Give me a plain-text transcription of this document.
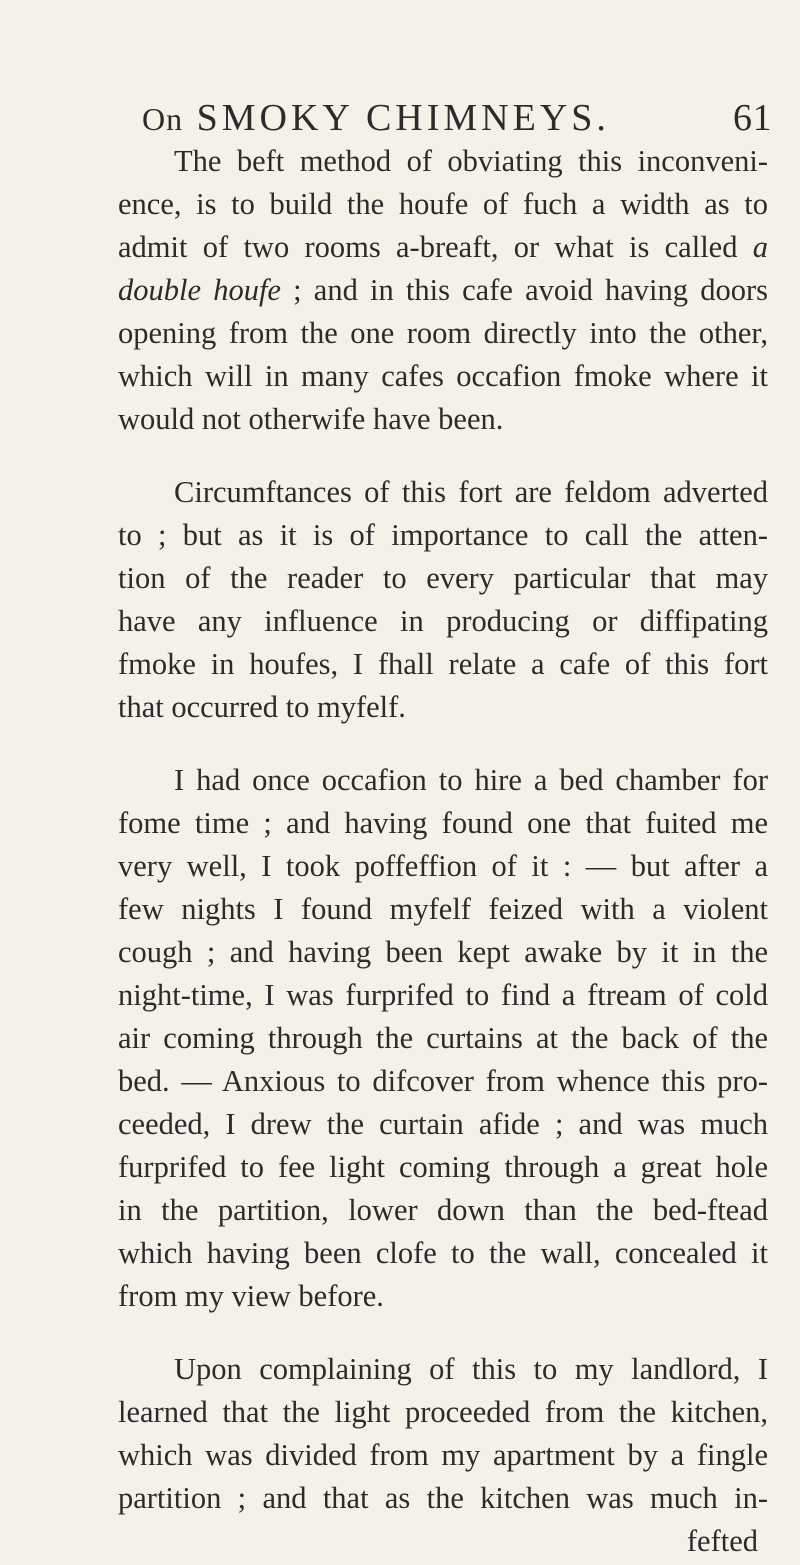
On SMOKY CHIMNEYS.	61
The beft method of obviating this inconveni-
ence, is to build the houfe of fuch a width as to
admit of two rooms a-breaft, or what is called a
double houfe ; and in this cafe avoid having doors
opening from the one room directly into the other,
which will in many cafes occafion fmoke where it
would not otherwife have been.
Circumftances of this fort are feldom adverted
to ; but as it is of importance to call the atten-
tion of the reader to every particular that may
have any influence in producing or diffipating
fmoke in houfes, I fhall relate a cafe of this fort
that occurred to myfelf.
I had once occafion to hire a bed chamber for
fome time ; and having found one that fuited me
very well, I took poffeffion of it : — but after a
few nights I found myfelf feized with a violent
cough ; and having been kept awake by it in the
night-time, I was furprifed to find a ftream of cold
air coming through the curtains at the back of the
bed. — Anxious to difcover from whence this pro-
ceeded, I drew the curtain afide ; and was much
furprifed to fee light coming through a great hole
in the partition, lower down than the bed-ftead
which having been clofe to the wall, concealed it
from my view before.
Upon complaining of this to my landlord, I
learned that the light proceeded from the kitchen,
which was divided from my apartment by a fingle
partition ; and that as the kitchen was much in-
fefted
